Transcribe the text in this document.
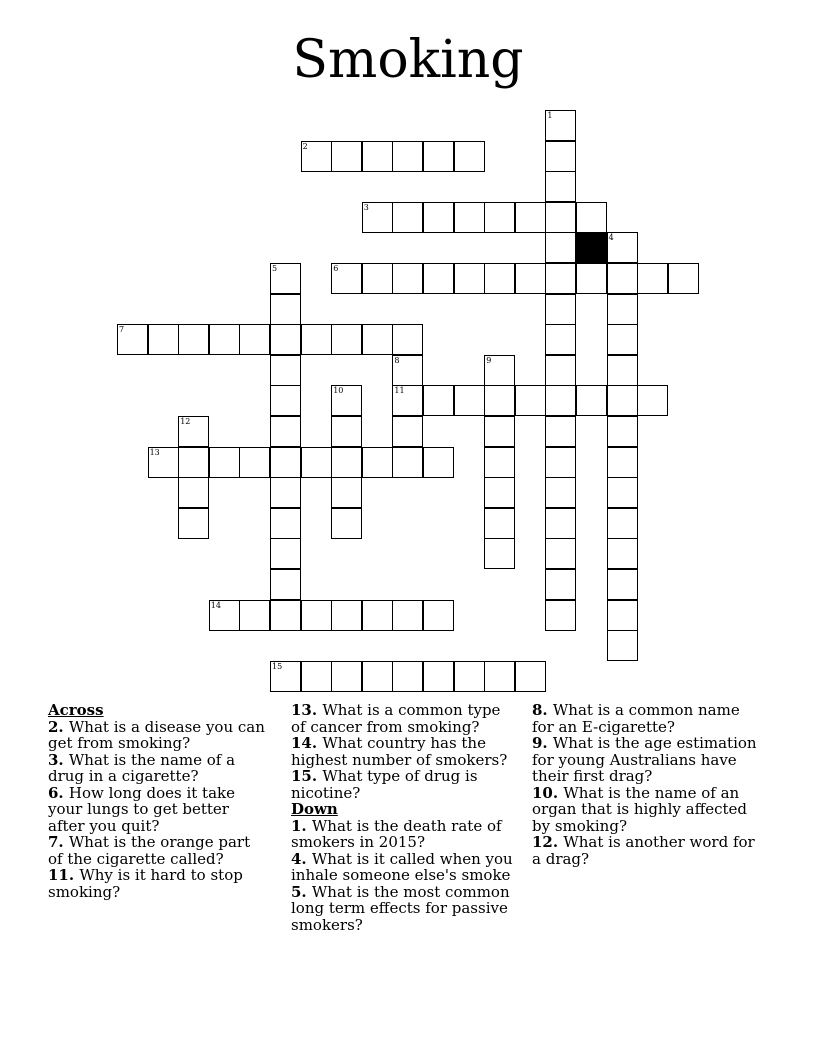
Smoking
1
2
3
4
5	6
7
8	9
10	11
12
13
14
15
Across
2. What is a disease you can get from smoking?
3. What is the name of a drug in a cigarette?
6. How long does it take your lungs to get better after you quit?
7. What is the orange part of the cigarette called?
11. Why is it hard to stop smoking?
13. What is a common type of cancer from smoking?
14. What country has the highest number of smokers?
15. What type of drug is nicotine?
Down
1. What is the death rate of smokers in 2015?
4. What is it called when you inhale someone else's smoke
5. What is the most common long term effects for passive smokers?
8. What is a common name for an E-cigarette?
9. What is the age estimation for young Australians have their first drag?
10. What is the name of an organ that is highly affected by smoking?
12. What is another word for a drag?
